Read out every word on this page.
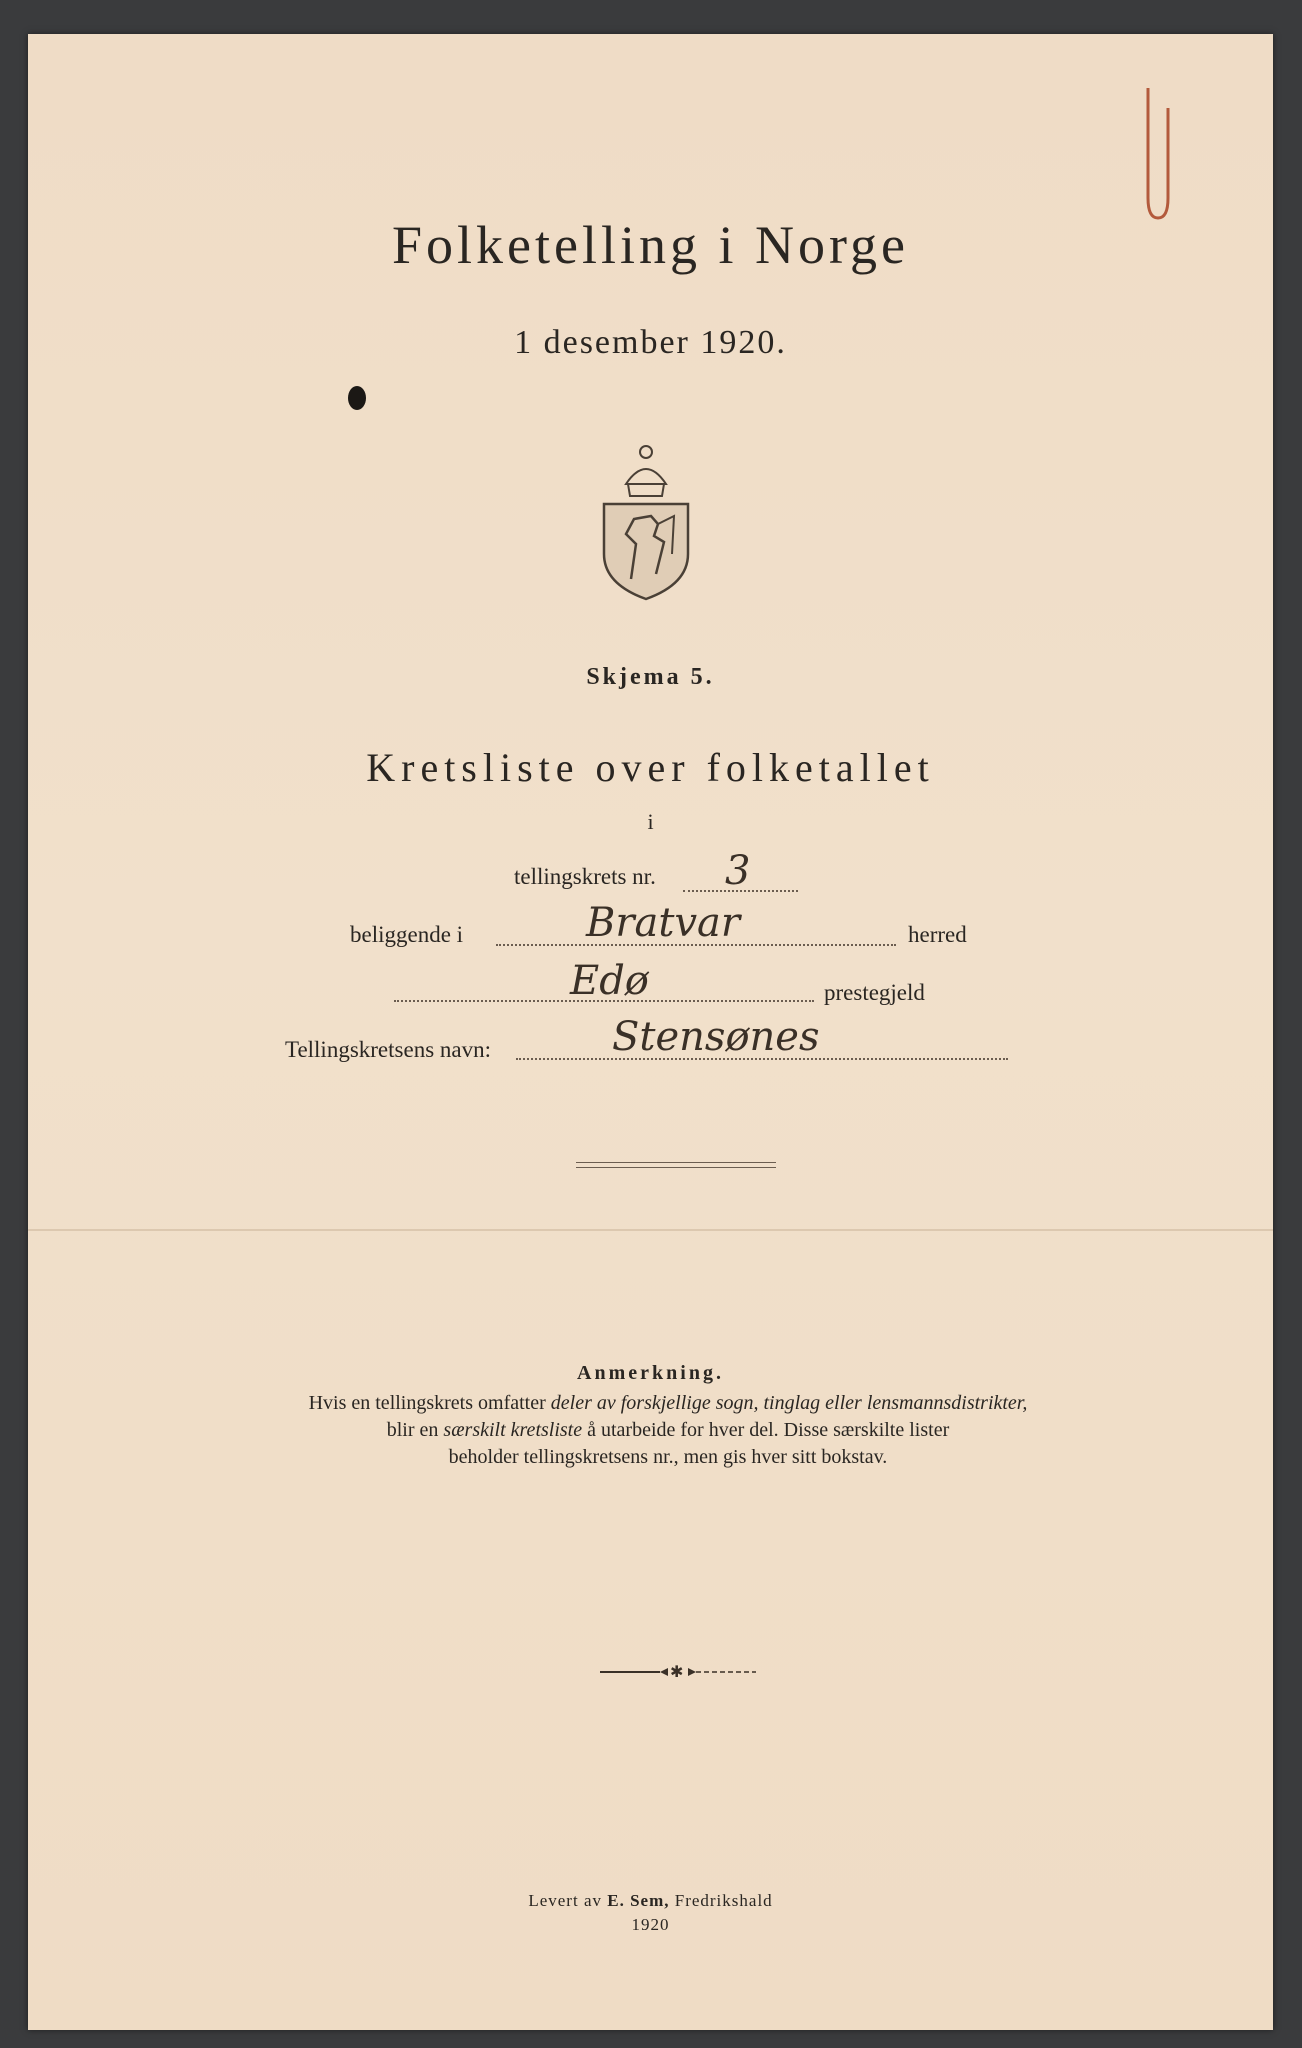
Folketelling i Norge
1 desember 1920.
Skjema 5.
Kretsliste over folketallet
i
tellingskrets nr. 3
beliggende i	Bratvar	herred
Edø	prestegjeld
Tellingskretsens navn:	Stensønes
Anmerkning.
Hvis en tellingskrets omfatter deler av forskjellige sogn, tinglag eller lensmannsdistrikter,
blir en særskilt kretsliste å utarbeide for hver del. Disse særskilte lister
beholder tellingskretsens nr., men gis hver sitt bokstav.
✱
Levert av E. Sem, Fredrikshald
1920
